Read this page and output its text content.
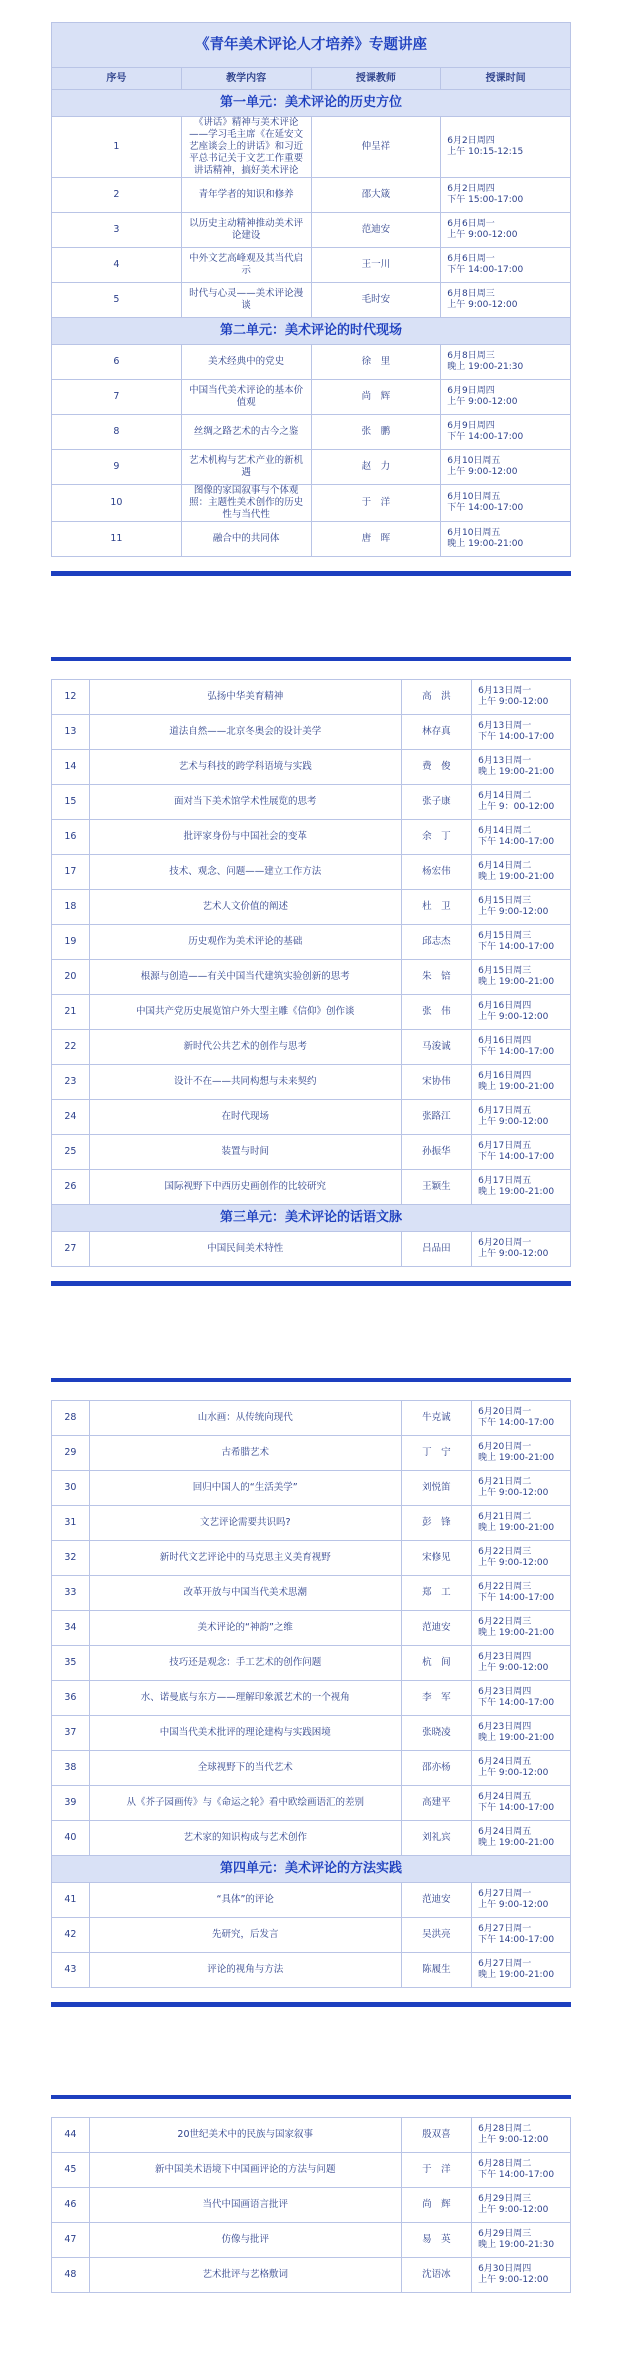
《青年美术评论人才培养》专题讲座			
序号	教学内容	授课教师	授课时间
第一单元：美术评论的历史方位			
1	《讲话》精神与美术评论——学习毛主席《在延安文艺座谈会上的讲话》和习近平总书记关于文艺工作重要讲话精神，搞好美术评论	仲呈祥	6月2日周四
上午 10:15-12:15

2	青年学者的知识和修养	邵大箴	6月2日周四
下午 15:00-17:00

3	以历史主动精神推动美术评论建设	范迪安	6月6日周一
上午 9:00-12:00

4	中外文艺高峰观及其当代启示	王一川	6月6日周一
下午 14:00-17:00

5	时代与心灵——美术评论漫谈	毛时安	6月8日周三
上午 9:00-12:00

第二单元：美术评论的时代现场			
6	美术经典中的党史	徐　里	6月8日周三
晚上 19:00-21:30

7	中国当代美术评论的基本价值观	尚　辉	6月9日周四
上午 9:00-12:00

8	丝绸之路艺术的古今之鉴	张　鹏	6月9日周四
下午 14:00-17:00

9	艺术机构与艺术产业的新机遇	赵　力	6月10日周五
上午 9:00-12:00

10	图像的家国叙事与个体观照：主题性美术创作的历史性与当代性	于　洋	6月10日周五
下午 14:00-17:00

11	融合中的共同体	唐　晖	6月10日周五
晚上 19:00-21:00
12	弘扬中华美育精神	高　洪	6月13日周一
上午 9:00-12:00

13	道法自然——北京冬奥会的设计美学	林存真	6月13日周一
下午 14:00-17:00

14	艺术与科技的跨学科语境与实践	费　俊	6月13日周一
晚上 19:00-21:00

15	面对当下美术馆学术性展览的思考	张子康	6月14日周二
上午 9：00-12:00

16	批评家身份与中国社会的变革	余　丁	6月14日周二
下午 14:00-17:00

17	技术、观念、问题——建立工作方法	杨宏伟	6月14日周二
晚上 19:00-21:00

18	艺术人文价值的阐述	杜　卫	6月15日周三
上午 9:00-12:00

19	历史观作为美术评论的基础	邱志杰	6月15日周三
下午 14:00-17:00

20	根源与创造——有关中国当代建筑实验创新的思考	朱　锫	6月15日周三
晚上 19:00-21:00

21	中国共产党历史展览馆户外大型主雕《信仰》创作谈	张　伟	6月16日周四
上午 9:00-12:00

22	新时代公共艺术的创作与思考	马浚诚	6月16日周四
下午 14:00-17:00

23	设计不在——共同构想与未来契约	宋协伟	6月16日周四
晚上 19:00-21:00

24	在时代现场	张路江	6月17日周五
上午 9:00-12:00

25	装置与时间	孙振华	6月17日周五
下午 14:00-17:00

26	国际视野下中西历史画创作的比较研究	王颖生	6月17日周五
晚上 19:00-21:00

第三单元：美术评论的话语文脉			
27	中国民间美术特性	吕品田	6月20日周一
上午 9:00-12:00
28	山水画：从传统向现代	牛克诚	6月20日周一
下午 14:00-17:00

29	古希腊艺术	丁　宁	6月20日周一
晚上 19:00-21:00

30	回归中国人的“生活美学”	刘悦笛	6月21日周二
上午 9:00-12:00

31	文艺评论需要共识吗?	彭　锋	6月21日周二
晚上 19:00-21:00

32	新时代文艺评论中的马克思主义美育视野	宋修见	6月22日周三
上午 9:00-12:00

33	改革开放与中国当代美术思潮	郑　工	6月22日周三
下午 14:00-17:00

34	美术评论的“神韵”之维	范迪安	6月22日周三
晚上 19:00-21:00

35	技巧还是观念：手工艺术的创作问题	杭　间	6月23日周四
上午 9:00-12:00

36	水、诺曼底与东方——理解印象派艺术的一个视角	李　军	6月23日周四
下午 14:00-17:00

37	中国当代美术批评的理论建构与实践困境	张晓凌	6月23日周四
晚上 19:00-21:00

38	全球视野下的当代艺术	邵亦杨	6月24日周五
上午 9:00-12:00

39	从《芥子园画传》与《命运之轮》看中欧绘画语汇的差别	高建平	6月24日周五
下午 14:00-17:00

40	艺术家的知识构成与艺术创作	刘礼宾	6月24日周五
晚上 19:00-21:00

第四单元：美术评论的方法实践			
41	“具体”的评论	范迪安	6月27日周一
上午 9:00-12:00

42	先研究，后发言	吴洪亮	6月27日周一
下午 14:00-17:00

43	评论的视角与方法	陈履生	6月27日周一
晚上 19:00-21:00
44	20世纪美术中的民族与国家叙事	殷双喜	6月28日周二
上午 9:00-12:00

45	新中国美术语境下中国画评论的方法与问题	于　洋	6月28日周二
下午 14:00-17:00

46	当代中国画语言批评	尚　辉	6月29日周三
上午 9:00-12:00

47	仿像与批评	易　英	6月29日周三
晚上 19:00-21:30

48	艺术批评与艺格敷词	沈语冰	6月30日周四
上午 9:00-12:00
